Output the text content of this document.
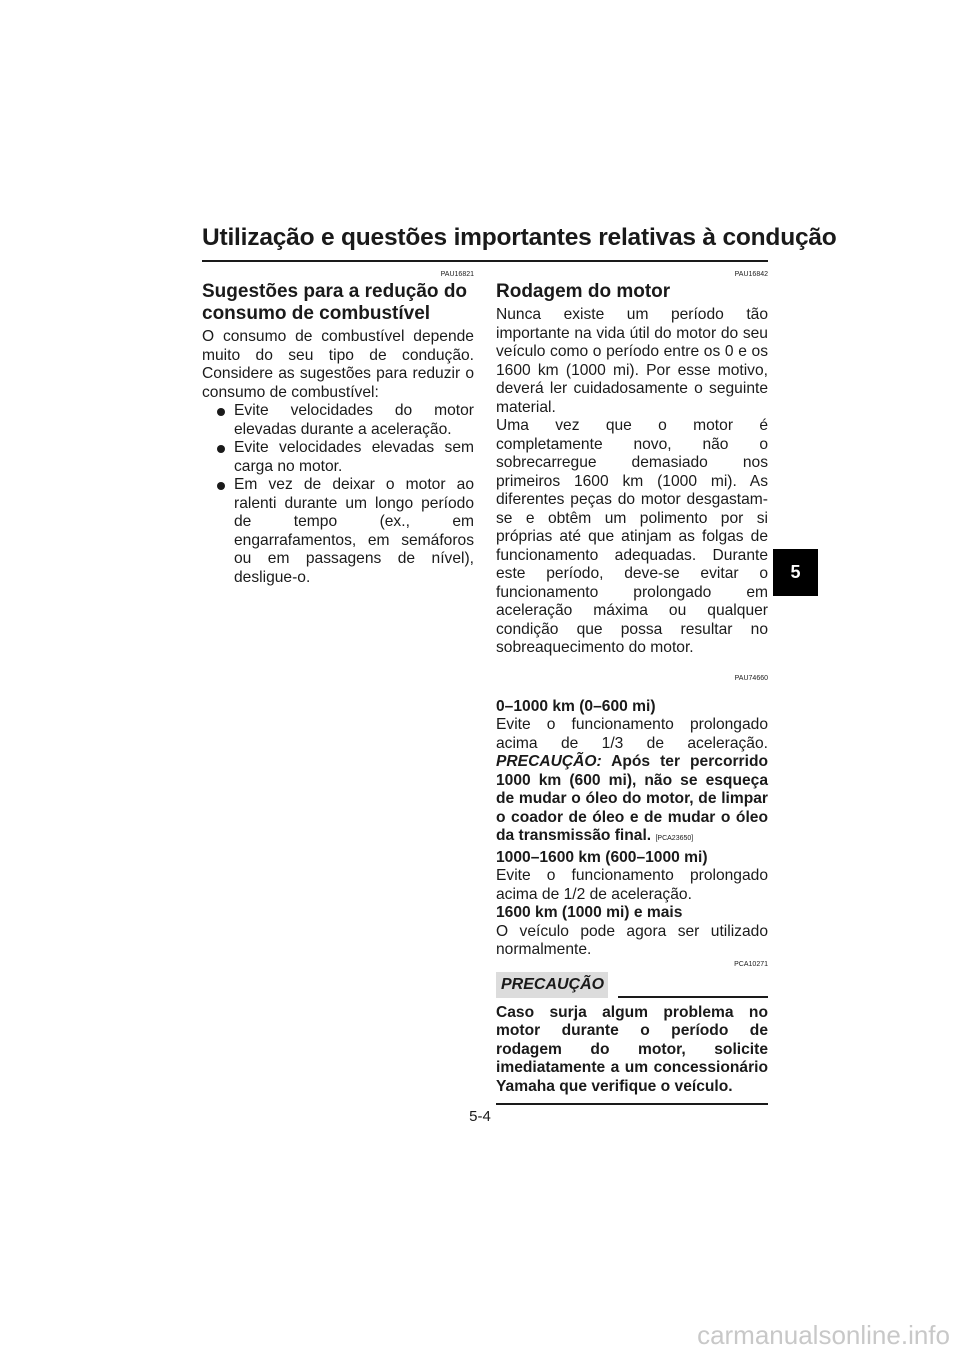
Utilização e questões importantes relativas à condução
PAU16821
Sugestões para a redução do consumo de combustível

O consumo de combustível depende muito do seu tipo de condução. Considere as sugestões para reduzir o consumo de combustível:

Evite velocidades do motor elevadas durante a aceleração.
Evite velocidades elevadas sem carga no motor.
Em vez de deixar o motor ao ralenti durante um longo período de tempo (ex., em engarrafamentos, em semáforos ou em passagens de nível), desligue-o.
PAU16842
Rodagem do motor

Nunca existe um período tão importante na vida útil do motor do seu veículo como o período entre os 0 e os 1600 km (1000 mi). Por esse motivo, deverá ler cuidadosamente o seguinte material.

Uma vez que o motor é completamente novo, não o sobrecarregue demasiado nos primeiros 1600 km (1000 mi). As diferentes peças do motor desgastam-se e obtêm um polimento por si próprias até que atinjam as folgas de funcionamento adequadas. Durante este período, deve-se evitar o funcionamento prolongado em aceleração máxima ou qualquer condição que possa resultar no sobreaquecimento do motor.

PAU74660

0–1000 km (0–600 mi)

Evite o funcionamento prolongado acima de 1/3 de aceleração. PRECAUÇÃO: Após ter percorrido 1000 km (600 mi), não se esqueça de mudar o óleo do motor, de limpar o coador de óleo e de mudar o óleo da transmissão final. [PCA23650]

1000–1600 km (600–1000 mi)

Evite o funcionamento prolongado acima de 1/2 de aceleração.

1600 km (1000 mi) e mais

O veículo pode agora ser utilizado normalmente.

PCA10271
PRECAUÇÃO

Caso surja algum problema no motor durante o período de rodagem do motor, solicite imediatamente a um concessionário Yamaha que verifique o veículo.

5
5-4
carmanualsonline.info
